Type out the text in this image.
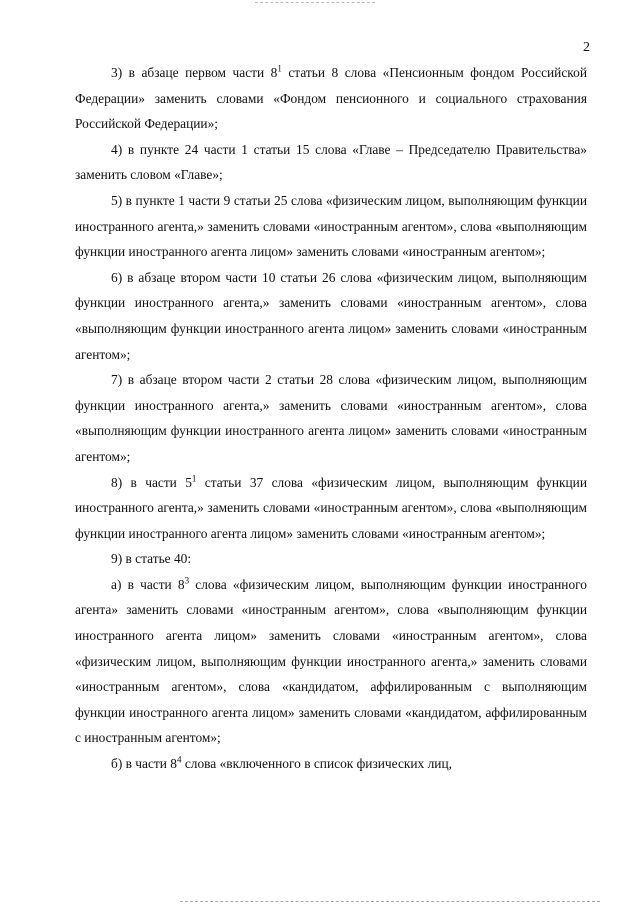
2

3) в абзаце первом части $8^1$ статьи 8 слова «Пенсионным фондом Российской Федерации» заменить словами «Фондом пенсионного и социального страхования Российской Федерации»;

4) в пункте 24 части 1 статьи 15 слова «Главе – Председателю Правительства» заменить словом «Главе»;

5) в пункте 1 части 9 статьи 25 слова «физическим лицом, выполняющим функции иностранного агента,» заменить словами «иностранным агентом», слова «выполняющим функции иностранного агента лицом» заменить словами «иностранным агентом»;

6) в абзаце втором части 10 статьи 26 слова «физическим лицом, выполняющим функции иностранного агента,» заменить словами «иностранным агентом», слова «выполняющим функции иностранного агента лицом» заменить словами «иностранным агентом»;

7) в абзаце втором части 2 статьи 28 слова «физическим лицом, выполняющим функции иностранного агента,» заменить словами «иностранным агентом», слова «выполняющим функции иностранного агента лицом» заменить словами «иностранным агентом»;

8) в части $5^1$ статьи 37 слова «физическим лицом, выполняющим функции иностранного агента,» заменить словами «иностранным агентом», слова «выполняющим функции иностранного агента лицом» заменить словами «иностранным агентом»;

9) в статье 40:

а) в части $8^3$ слова «физическим лицом, выполняющим функции иностранного агента» заменить словами «иностранным агентом», слова «выполняющим функции иностранного агента лицом» заменить словами «иностранным агентом», слова «физическим лицом, выполняющим функции иностранного агента,» заменить словами «иностранным агентом», слова «кандидатом, аффилированным с выполняющим функции иностранного агента лицом» заменить словами «кандидатом, аффилированным с иностранным агентом»;

б) в части $8^4$ слова «включенного в список физических лиц,
